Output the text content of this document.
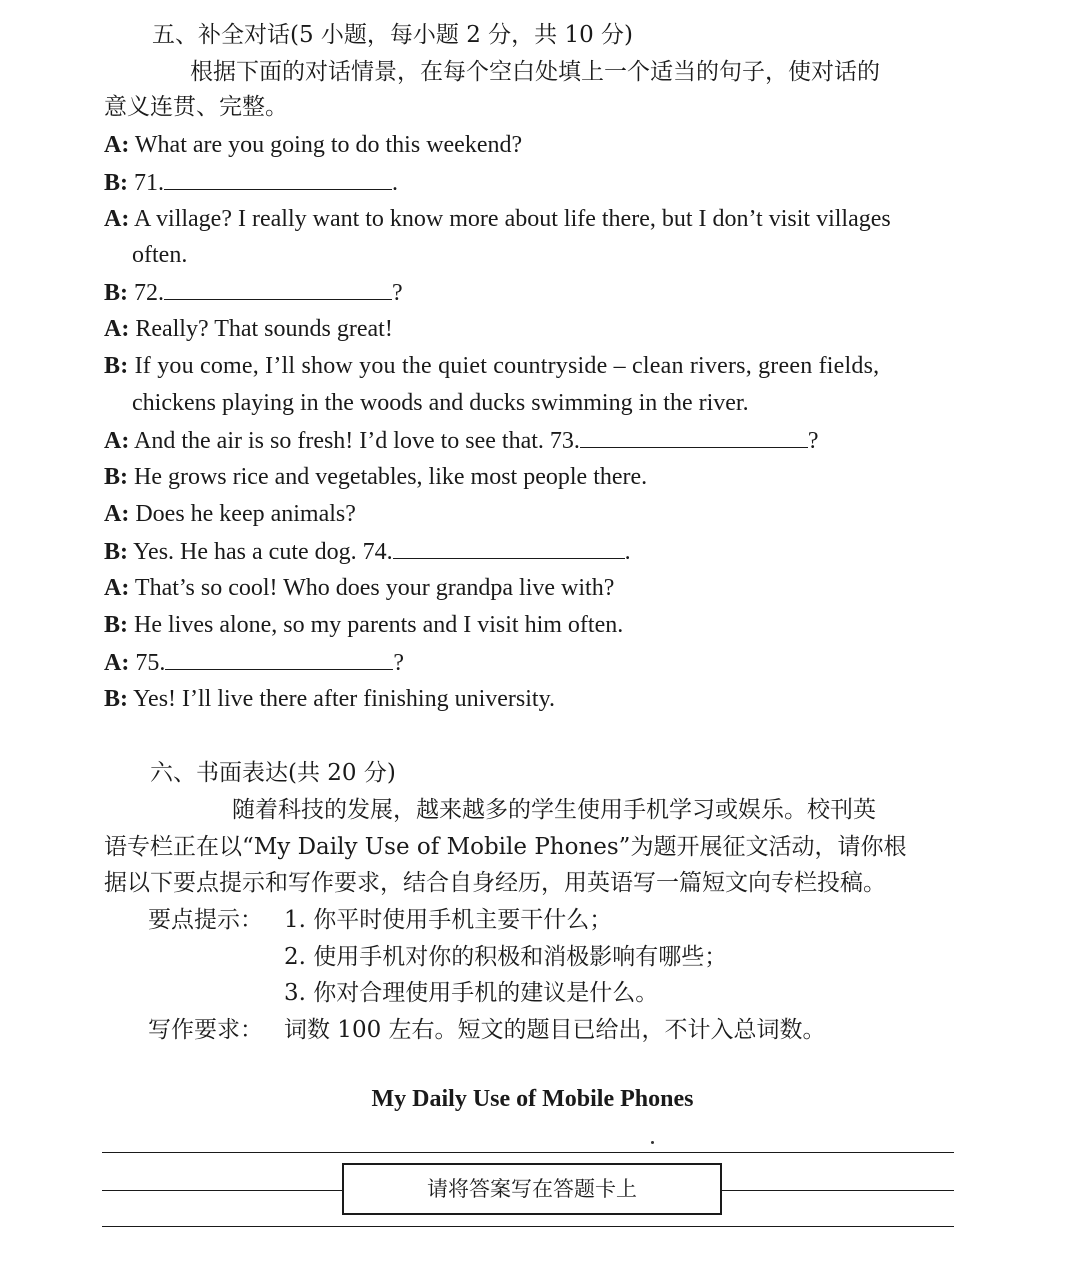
五、补全对话(5 小题，每小题 2 分，共 10 分)
根据下面的对话情景，在每个空白处填上一个适当的句子，使对话的
意义连贯、完整。
A: What are you going to do this weekend?
B: 71.	.
A: A village? I really want to know more about life there, but I don’t visit villages
often.
B: 72.	?
A: Really? That sounds great!
B: If you come, I’ll show you the quiet countryside – clean rivers, green fields,
chickens playing in the woods and ducks swimming in the river.
A: And the air is so fresh! I’d love to see that. 73.	?
B: He grows rice and vegetables, like most people there.
A: Does he keep animals?
B: Yes. He has a cute dog. 74.	.
A: That’s so cool! Who does your grandpa live with?
B: He lives alone, so my parents and I visit him often.
A: 75.	?
B: Yes! I’ll live there after finishing university.
六、书面表达(共 20 分)
随着科技的发展，越来越多的学生使用手机学习或娱乐。校刊英
语专栏正在以“My Daily Use of Mobile Phones”为题开展征文活动，请你根
据以下要点提示和写作要求，结合自身经历，用英语写一篇短文向专栏投稿。
要点提示： 1. 你平时使用手机主要干什么；
2. 使用手机对你的积极和消极影响有哪些；
3. 你对合理使用手机的建议是什么。
写作要求： 词数 100 左右。短文的题目已给出，不计入总词数。
My Daily Use of Mobile Phones
请将答案写在答题卡上
